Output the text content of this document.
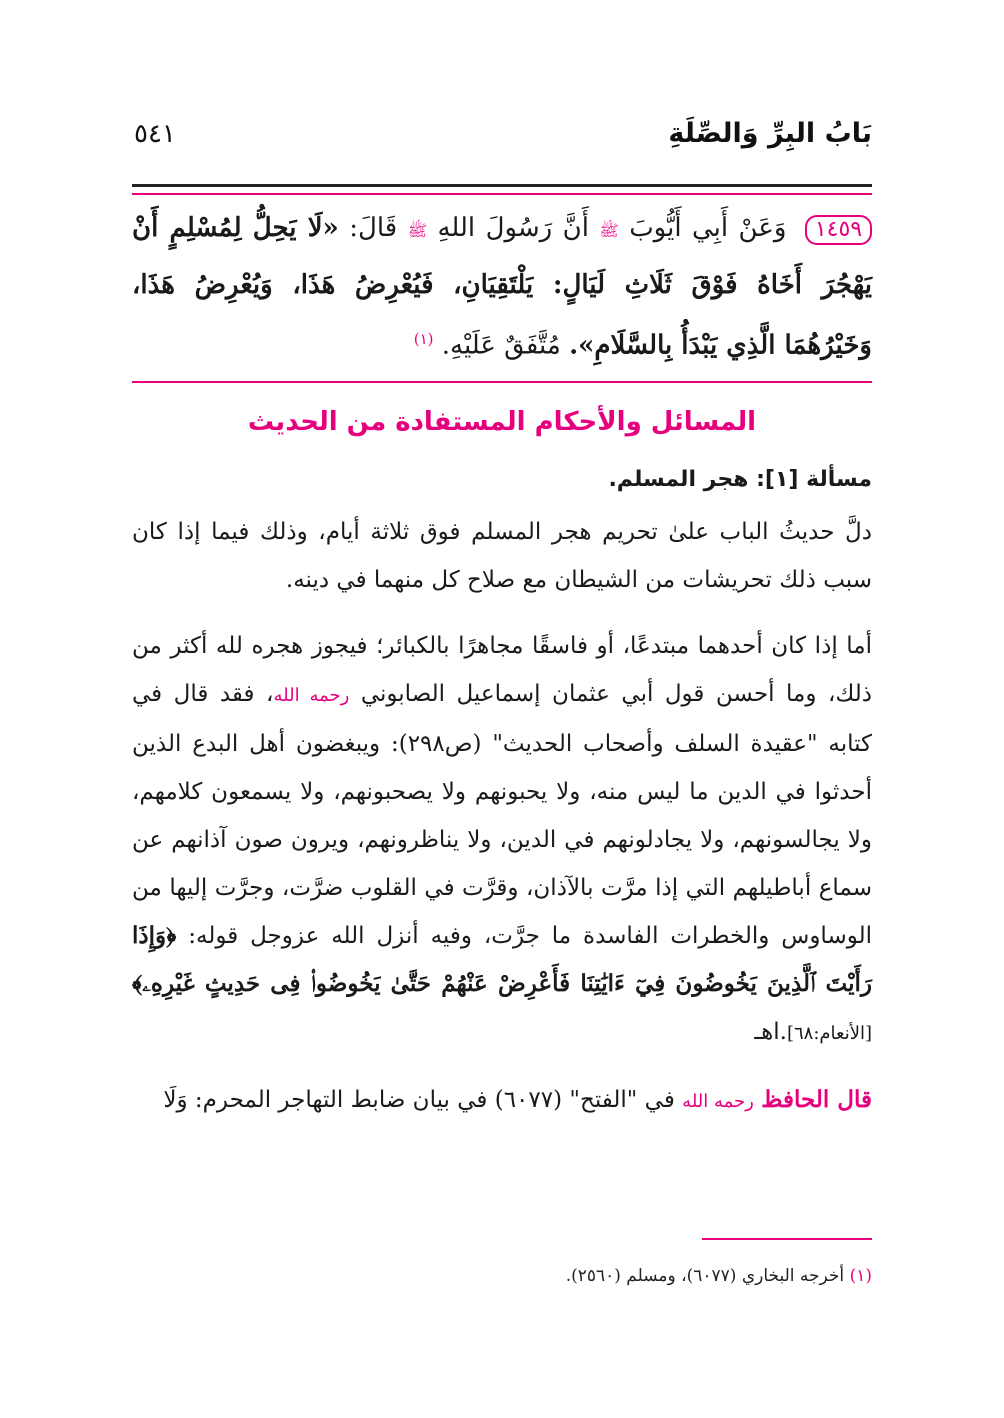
بَابُ البِرِّ وَالصِّلَةِ
٥٤١
١٤٥٩ وَعَنْ أَبِي أَيُّوبَ ﷺ أَنَّ رَسُولَ اللهِ ﷺ قَالَ: «لَا يَحِلُّ لِمُسْلِمٍ أَنْ يَهْجُرَ أَخَاهُ فَوْقَ ثَلَاثِ لَيَالٍ: يَلْتَقِيَانِ، فَيُعْرِضُ هَذَا، وَيُعْرِضُ هَذَا، وَخَيْرُهُمَا الَّذِي يَبْدَأُ بِالسَّلَامِ». مُتَّفَقٌ عَلَيْهِ. $^{(١)}$
المسائل والأحكام المستفادة من الحديث
مسألة [١]: هجر المسلم.

دلَّ حديثُ الباب علىٰ تحريم هجر المسلم فوق ثلاثة أيام، وذلك فيما إذا كان سبب ذلك تحريشات من الشيطان مع صلاح كل منهما في دينه.

أما إذا كان أحدهما مبتدعًا، أو فاسقًا مجاهرًا بالكبائر؛ فيجوز هجره لله أكثر من ذلك، وما أحسن قول أبي عثمان إسماعيل الصابوني رحمه الله، فقد قال في كتابه "عقيدة السلف وأصحاب الحديث" (ص٢٩٨): ويبغضون أهل البدع الذين أحدثوا في الدين ما ليس منه، ولا يحبونهم ولا يصحبونهم، ولا يسمعون كلامهم، ولا يجالسونهم، ولا يجادلونهم في الدين، ولا يناظرونهم، ويرون صون آذانهم عن سماع أباطيلهم التي إذا مرَّت بالآذان، وقرَّت في القلوب ضرَّت، وجرَّت إليها من الوساوس والخطرات الفاسدة ما جرَّت، وفيه أنزل الله عزوجل قوله: ﴿وَإِذَا رَأَيْتَ ٱلَّذِينَ يَخُوضُونَ فِيٓ ءَايَٰتِنَا فَأَعْرِضْ عَنْهُمْ حَتَّىٰ يَخُوضُوا۟ فِى حَدِيثٍ غَيْرِهِۦ﴾ [الأنعام:٦٨].اهـ

قال الحافظ رحمه الله في "الفتح" (٦٠٧٧) في بيان ضابط التهاجر المحرم: وَلَا

(١) أخرجه البخاري (٦٠٧٧)، ومسلم (٢٥٦٠).
